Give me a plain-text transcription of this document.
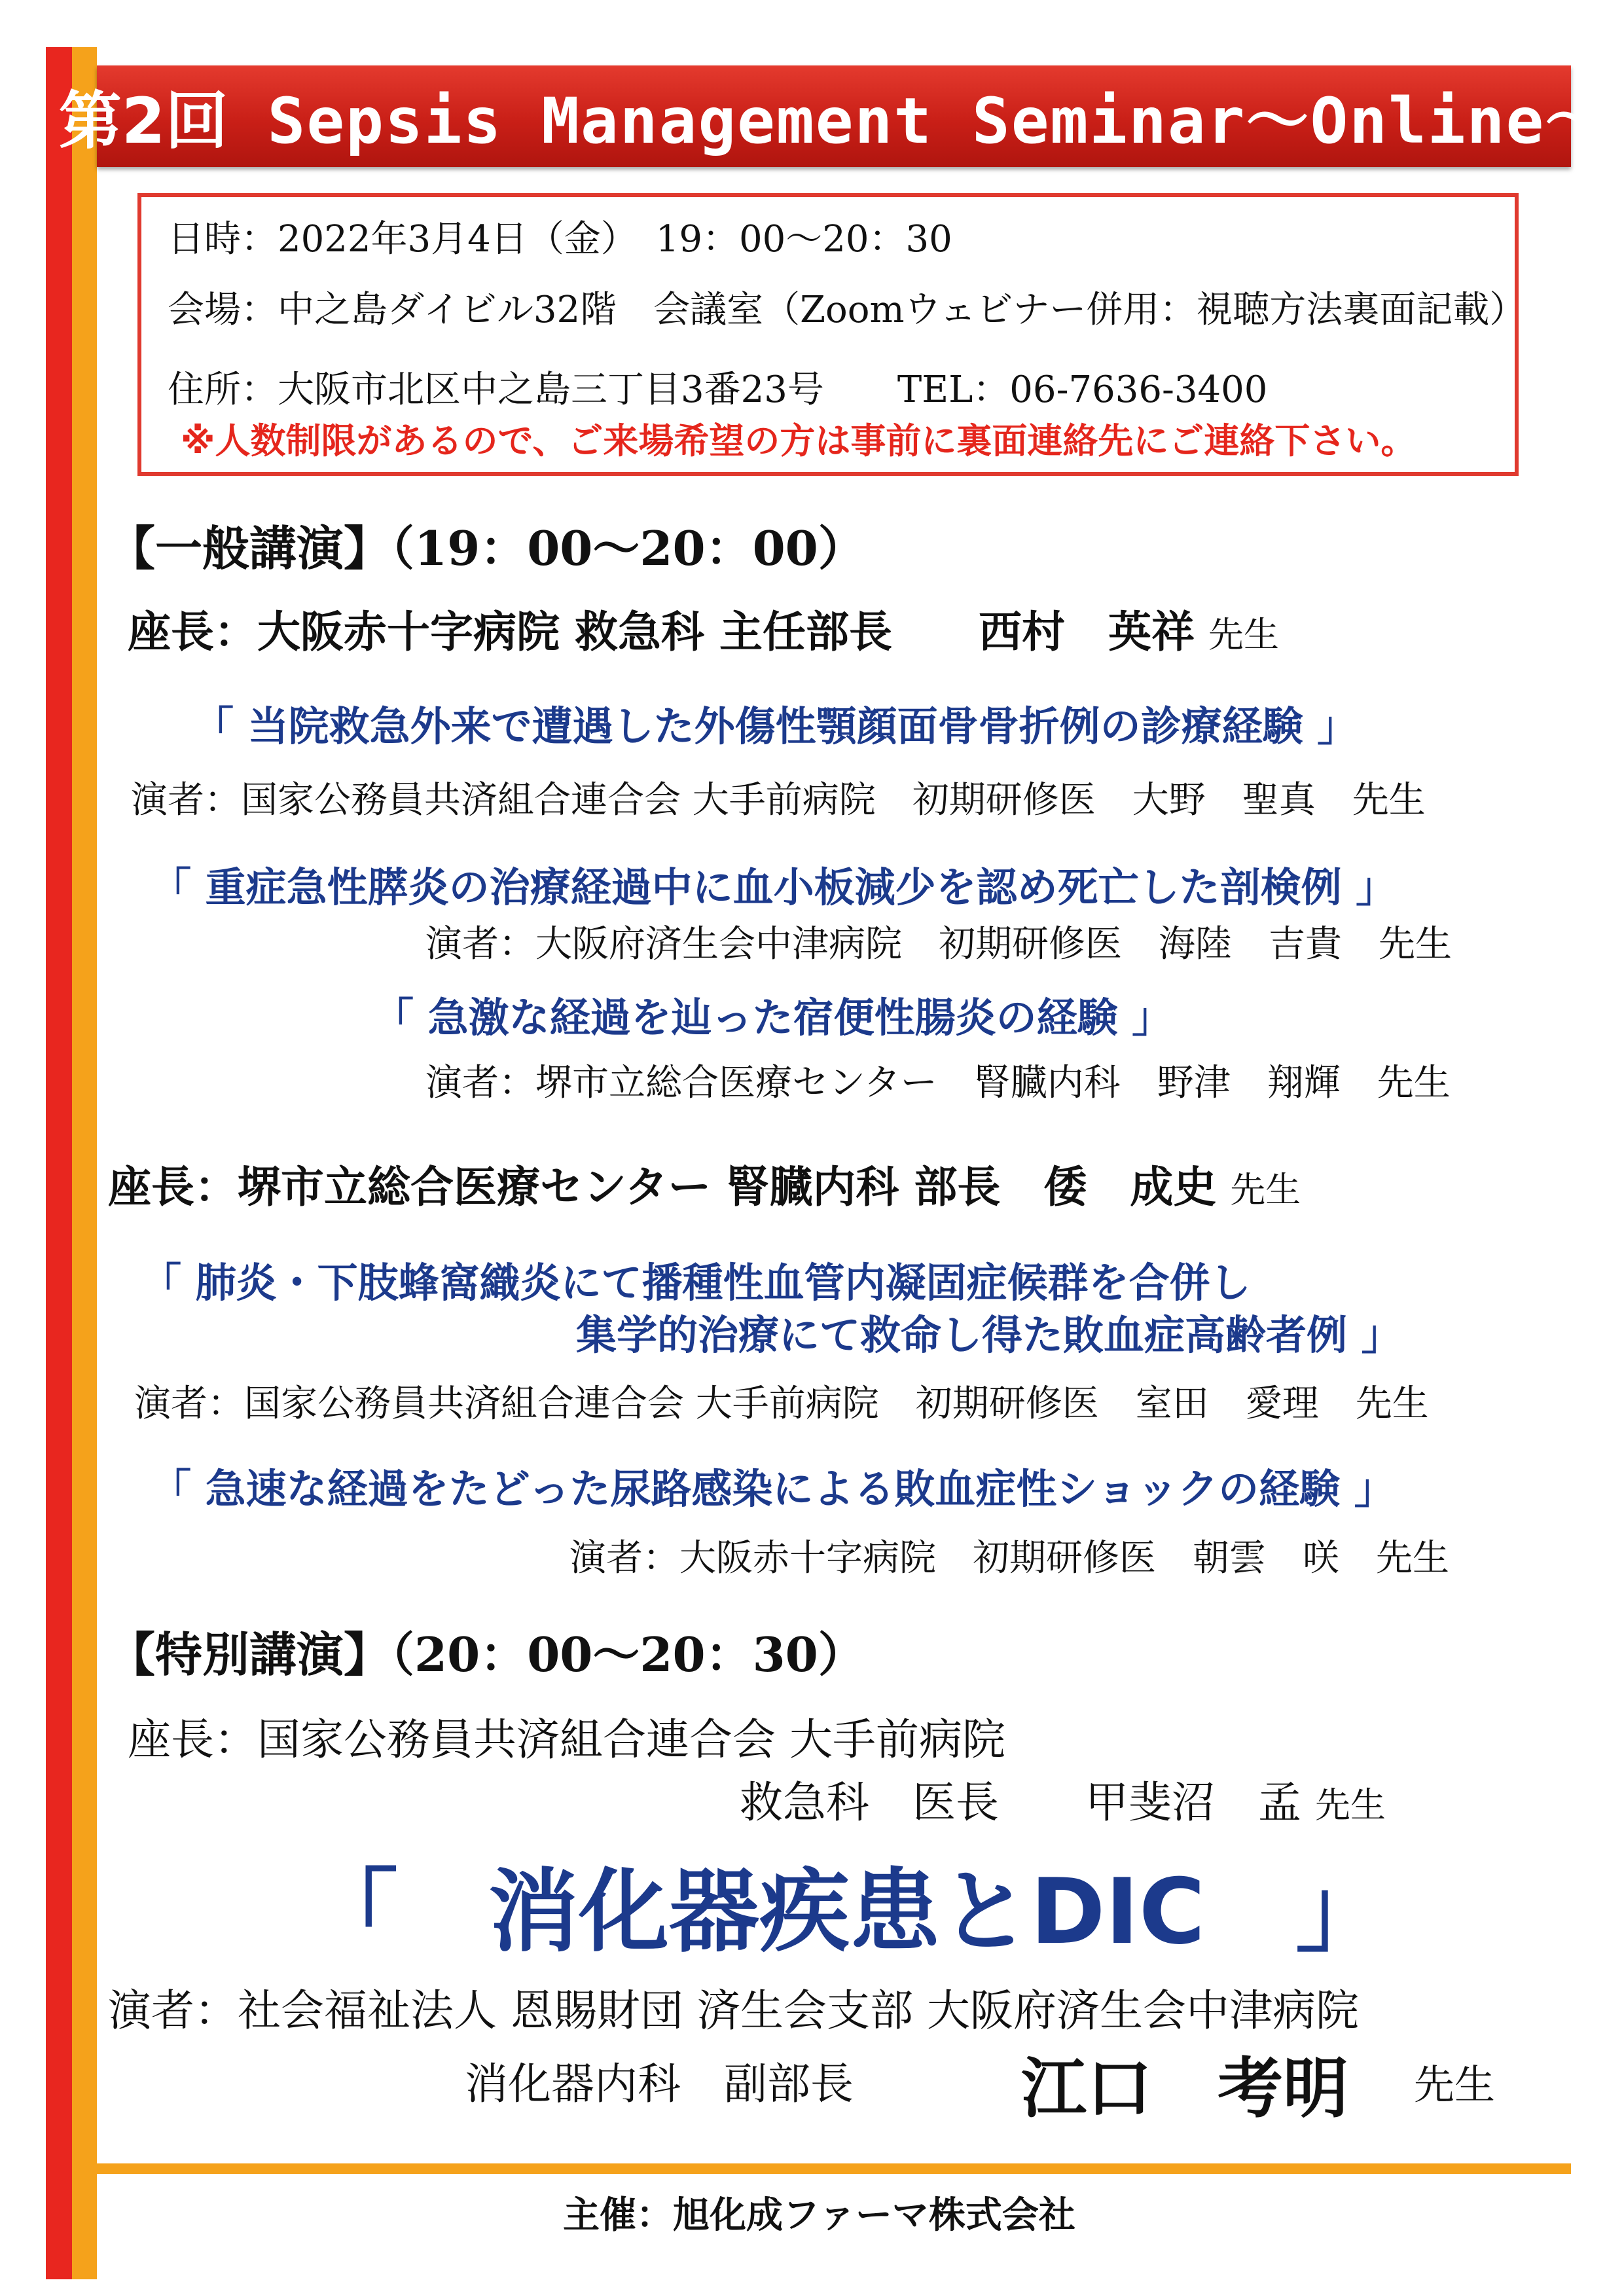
第2回 Sepsis Management Seminar～Online～
日時：2022年3月4日（金）　19：00～20：30
会場：中之島ダイビル32階　会議室（Zoomウェビナー併用：視聴方法裏面記載）
住所：大阪市北区中之島三丁目3番23号　　TEL：06-7636-3400
※人数制限があるので、ご来場希望の方は事前に裏面連絡先にご連絡下さい。
【一般講演】（19：00～20：00）
座長：大阪赤十字病院 救急科 主任部長　　西村　英祥 先生
「 当院救急外来で遭遇した外傷性顎顔面骨骨折例の診療経験 」
演者：国家公務員共済組合連合会 大手前病院　初期研修医　大野　聖真　先生
「 重症急性膵炎の治療経過中に血小板減少を認め死亡した剖検例 」
演者：大阪府済生会中津病院　初期研修医　海陸　吉貴　先生
「 急激な経過を辿った宿便性腸炎の経験 」
演者：堺市立総合医療センター　腎臓内科　野津　翔輝　先生
座長：堺市立総合医療センター 腎臓内科 部長　倭　成史 先生
「 肺炎・下肢蜂窩織炎にて播種性血管内凝固症候群を合併し
集学的治療にて救命し得た敗血症高齢者例 」
演者：国家公務員共済組合連合会 大手前病院　初期研修医　室田　愛理　先生
「 急速な経過をたどった尿路感染による敗血症性ショックの経験 」
演者：大阪赤十字病院　初期研修医　朝雲　咲　先生
【特別講演】（20：00～20：30）
座長：国家公務員共済組合連合会 大手前病院
救急科　医長　　甲斐沼　孟 先生
「　消化器疾患とDIC　」
演者：社会福祉法人 恩賜財団 済生会支部 大阪府済生会中津病院
消化器内科　副部長	江口　考明 先生
主催：旭化成ファーマ株式会社
